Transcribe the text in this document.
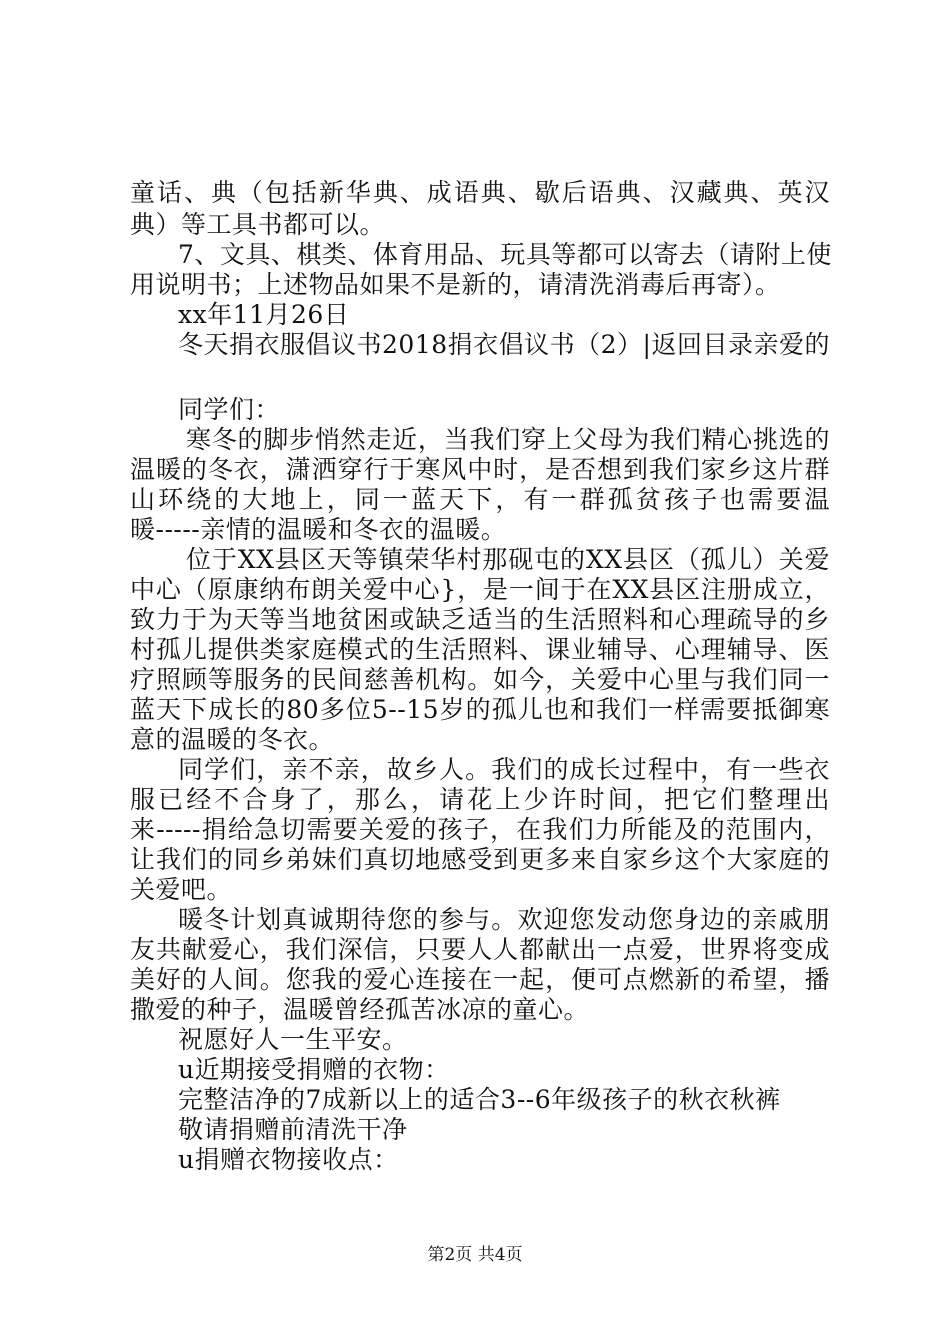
童话、典（包括新华典、成语典、歇后语典、汉藏典、英汉
典）等工具书都可以。
7、文具、棋类、体育用品、玩具等都可以寄去（请附上使
用说明书；上述物品如果不是新的，请清洗消毒后再寄）。
xx年11月26日
冬天捐衣服倡议书2018捐衣倡议书（2）|返回目录亲爱的
同学们：
寒冬的脚步悄然走近，当我们穿上父母为我们精心挑选的
温暖的冬衣，潇洒穿行于寒风中时，是否想到我们家乡这片群
山环绕的大地上，同一蓝天下，有一群孤贫孩子也需要温
暖-----亲情的温暖和冬衣的温暖。
位于XX县区天等镇荣华村那砚屯的XX县区（孤儿）关爱
中心（原康纳布朗关爱中心}，是一间于在XX县区注册成立，
致力于为天等当地贫困或缺乏适当的生活照料和心理疏导的乡
村孤儿提供类家庭模式的生活照料、课业辅导、心理辅导、医
疗照顾等服务的民间慈善机构。如今，关爱中心里与我们同一
蓝天下成长的80多位5--15岁的孤儿也和我们一样需要抵御寒
意的温暖的冬衣。
同学们，亲不亲，故乡人。我们的成长过程中，有一些衣
服已经不合身了，那么，请花上少许时间，把它们整理出
来-----捐给急切需要关爱的孩子，在我们力所能及的范围内，
让我们的同乡弟妹们真切地感受到更多来自家乡这个大家庭的
关爱吧。
暖冬计划真诚期待您的参与。欢迎您发动您身边的亲戚朋
友共献爱心，我们深信，只要人人都献出一点爱，世界将变成
美好的人间。您我的爱心连接在一起，便可点燃新的希望，播
撒爱的种子，温暖曾经孤苦冰凉的童心。
祝愿好人一生平安。
u近期接受捐赠的衣物：
完整洁净的7成新以上的适合3--6年级孩子的秋衣秋裤
敬请捐赠前清洗干净
u捐赠衣物接收点：
第2页 共4页
